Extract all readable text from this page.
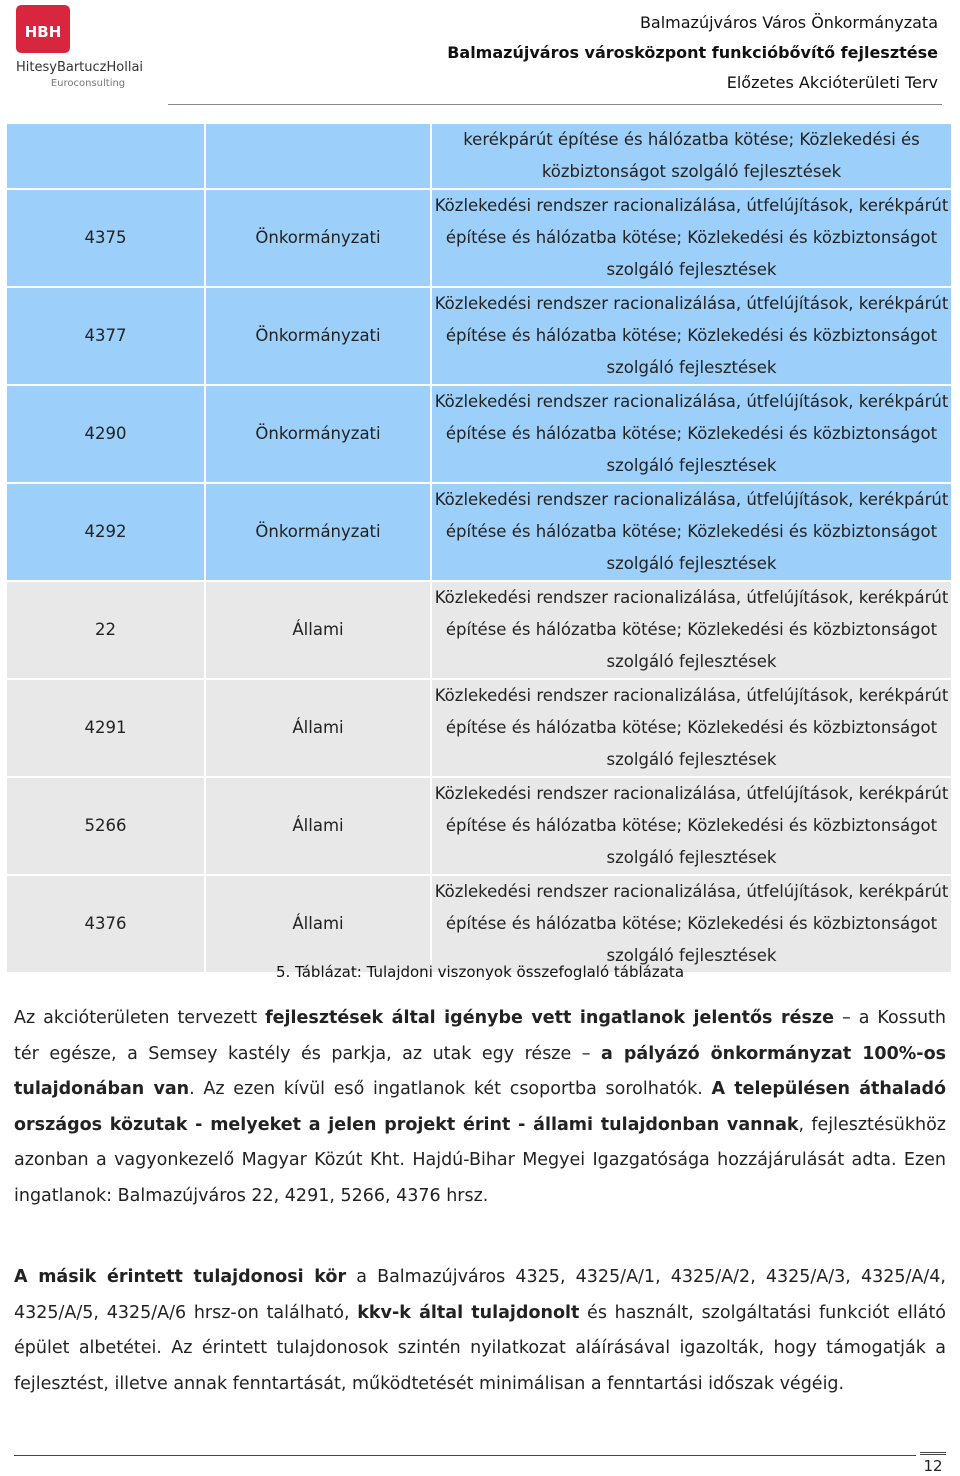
HBH
HitesyBartuczHollai
Euroconsulting
Balmazújváros Város Önkormányzata
Balmazújváros városközpont funkcióbővítő fejlesztése
Előzetes Akcióterületi Terv
		kerékpárút építése és hálózatba kötése; Közlekedési és közbiztonságot szolgáló fejlesztések
4375	Önkormányzati	Közlekedési rendszer racionalizálása, útfelújítások, kerékpárút építése és hálózatba kötése; Közlekedési és közbiztonságot szolgáló fejlesztések
4377	Önkormányzati	Közlekedési rendszer racionalizálása, útfelújítások, kerékpárút építése és hálózatba kötése; Közlekedési és közbiztonságot szolgáló fejlesztések
4290	Önkormányzati	Közlekedési rendszer racionalizálása, útfelújítások, kerékpárút építése és hálózatba kötése; Közlekedési és közbiztonságot szolgáló fejlesztések
4292	Önkormányzati	Közlekedési rendszer racionalizálása, útfelújítások, kerékpárút építése és hálózatba kötése; Közlekedési és közbiztonságot szolgáló fejlesztések
22	Állami	Közlekedési rendszer racionalizálása, útfelújítások, kerékpárút építése és hálózatba kötése; Közlekedési és közbiztonságot szolgáló fejlesztések
4291	Állami	Közlekedési rendszer racionalizálása, útfelújítások, kerékpárút építése és hálózatba kötése; Közlekedési és közbiztonságot szolgáló fejlesztések
5266	Állami	Közlekedési rendszer racionalizálása, útfelújítások, kerékpárút építése és hálózatba kötése; Közlekedési és közbiztonságot szolgáló fejlesztések
4376	Állami	Közlekedési rendszer racionalizálása, útfelújítások, kerékpárút építése és hálózatba kötése; Közlekedési és közbiztonságot szolgáló fejlesztések
5. Táblázat: Tulajdoni viszonyok összefoglaló táblázata

Az akcióterületen tervezett fejlesztések által igénybe vett ingatlanok jelentős része – a Kossuth tér egésze, a Semsey kastély és parkja, az utak egy része – a pályázó önkormányzat 100%-os tulajdonában van. Az ezen kívül eső ingatlanok két csoportba sorolhatók. A településen áthaladó országos közutak - melyeket a jelen projekt érint - állami tulajdonban vannak, fejlesztésükhöz azonban a vagyonkezelő Magyar Közút Kht. Hajdú-Bihar Megyei Igazgatósága hozzájárulását adta. Ezen ingatlanok: Balmazújváros 22, 4291, 5266, 4376 hrsz.

A másik érintett tulajdonosi kör a Balmazújváros 4325, 4325/A/1, 4325/A/2, 4325/A/3, 4325/A/4, 4325/A/5, 4325/A/6 hrsz-on található, kkv-k által tulajdonolt és használt, szolgáltatási funkciót ellátó épület albetétei. Az érintett tulajdonosok szintén nyilatkozat aláírásával igazolták, hogy támogatják a fejlesztést, illetve annak fenntartását, működtetését minimálisan a fenntartási időszak végéig.

12
